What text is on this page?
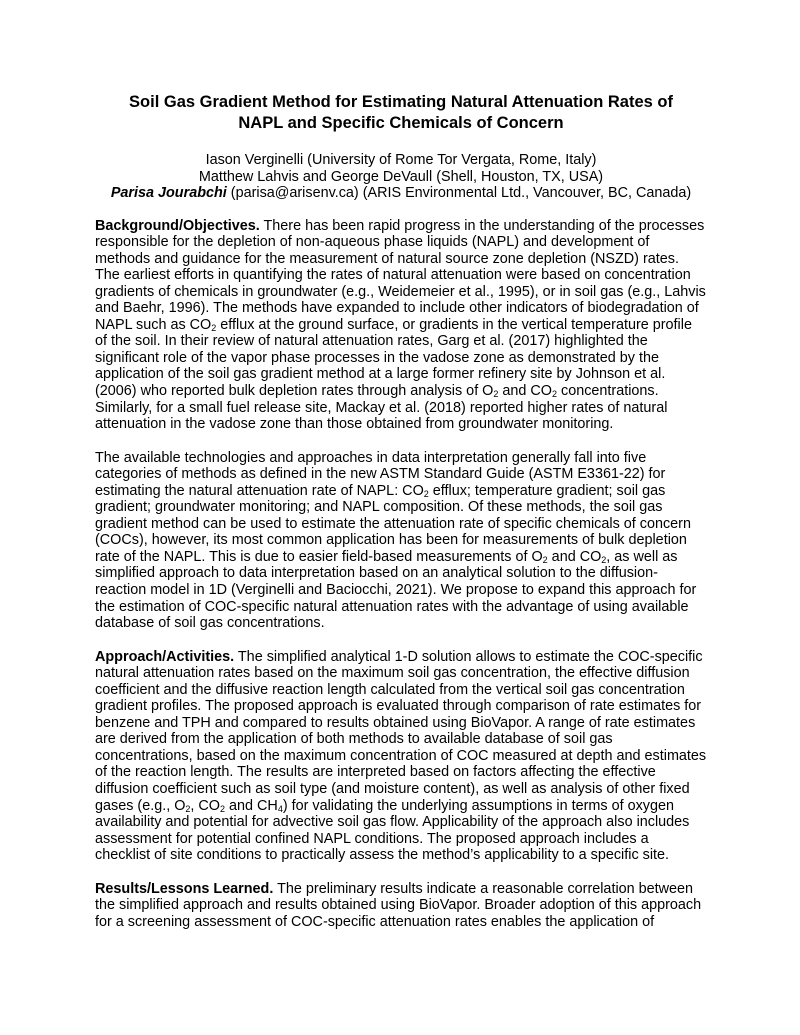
Soil Gas Gradient Method for Estimating Natural Attenuation Rates of
NAPL and Specific Chemicals of Concern
Iason Verginelli (University of Rome Tor Vergata, Rome, Italy)
Matthew Lahvis and George DeVaull (Shell, Houston, TX, USA)
Parisa Jourabchi (parisa@arisenv.ca) (ARIS Environmental Ltd., Vancouver, BC, Canada)

Background/Objectives. There has been rapid progress in the understanding of the processes responsible for the depletion of non-aqueous phase liquids (NAPL) and development of methods and guidance for the measurement of natural source zone depletion (NSZD) rates. The earliest efforts in quantifying the rates of natural attenuation were based on concentration gradients of chemicals in groundwater (e.g., Weidemeier et al., 1995), or in soil gas (e.g., Lahvis and Baehr, 1996). The methods have expanded to include other indicators of biodegradation of NAPL such as $CO_2$ efflux at the ground surface, or gradients in the vertical temperature profile of the soil. In their review of natural attenuation rates, Garg et al. (2017) highlighted the significant role of the vapor phase processes in the vadose zone as demonstrated by the application of the soil gas gradient method at a large former refinery site by Johnson et al. (2006) who reported bulk depletion rates through analysis of $O_2$ and $CO_2$ concentrations. Similarly, for a small fuel release site, Mackay et al. (2018) reported higher rates of natural attenuation in the vadose zone than those obtained from groundwater monitoring.

The available technologies and approaches in data interpretation generally fall into five categories of methods as defined in the new ASTM Standard Guide (ASTM E3361-22) for estimating the natural attenuation rate of NAPL: $CO_2$ efflux; temperature gradient; soil gas gradient; groundwater monitoring; and NAPL composition. Of these methods, the soil gas gradient method can be used to estimate the attenuation rate of specific chemicals of concern (COCs), however, its most common application has been for measurements of bulk depletion rate of the NAPL. This is due to easier field-based measurements of $O_2$ and $CO_2$, as well as simplified approach to data interpretation based on an analytical solution to the diffusion-reaction model in 1D (Verginelli and Baciocchi, 2021). We propose to expand this approach for the estimation of COC-specific natural attenuation rates with the advantage of using available database of soil gas concentrations.

Approach/Activities. The simplified analytical 1-D solution allows to estimate the COC-specific natural attenuation rates based on the maximum soil gas concentration, the effective diffusion coefficient and the diffusive reaction length calculated from the vertical soil gas concentration gradient profiles. The proposed approach is evaluated through comparison of rate estimates for benzene and TPH and compared to results obtained using BioVapor. A range of rate estimates are derived from the application of both methods to available database of soil gas concentrations, based on the maximum concentration of COC measured at depth and estimates of the reaction length. The results are interpreted based on factors affecting the effective diffusion coefficient such as soil type (and moisture content), as well as analysis of other fixed gases (e.g., $O_2$, $CO_2$ and $CH_4$) for validating the underlying assumptions in terms of oxygen availability and potential for advective soil gas flow. Applicability of the approach also includes assessment for potential confined NAPL conditions. The proposed approach includes a checklist of site conditions to practically assess the method’s applicability to a specific site.

Results/Lessons Learned. The preliminary results indicate a reasonable correlation between the simplified approach and results obtained using BioVapor. Broader adoption of this approach for a screening assessment of COC-specific attenuation rates enables the application of
